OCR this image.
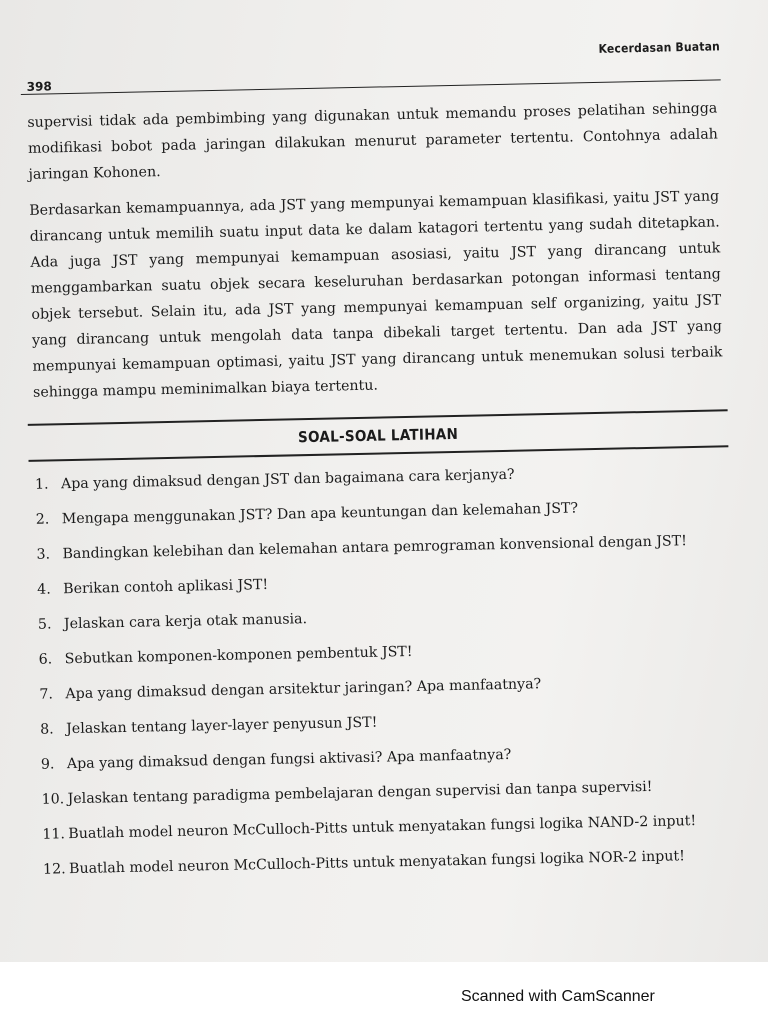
Kecerdasan Buatan
398

supervisi tidak ada pembimbing yang digunakan untuk memandu proses pelatihan sehingga modifikasi bobot pada jaringan dilakukan menurut parameter tertentu. Contohnya adalah jaringan Kohonen.

Berdasarkan kemampuannya, ada JST yang mempunyai kemampuan klasifikasi, yaitu JST yang dirancang untuk memilih suatu input data ke dalam katagori tertentu yang sudah ditetapkan. Ada juga JST yang mempunyai kemampuan asosiasi, yaitu JST yang dirancang untuk menggambarkan suatu objek secara keseluruhan berdasarkan potongan informasi tentang objek tersebut. Selain itu, ada JST yang mempunyai kemampuan self organizing, yaitu JST yang dirancang untuk mengolah data tanpa dibekali target tertentu. Dan ada JST yang mempunyai kemampuan optimasi, yaitu JST yang dirancang untuk menemukan solusi terbaik sehingga mampu meminimalkan biaya tertentu.

SOAL-SOAL LATIHAN
1. Apa yang dimaksud dengan JST dan bagaimana cara kerjanya?
2. Mengapa menggunakan JST? Dan apa keuntungan dan kelemahan JST?
3. Bandingkan kelebihan dan kelemahan antara pemrograman konvensional dengan JST!
4. Berikan contoh aplikasi JST!
5. Jelaskan cara kerja otak manusia.
6. Sebutkan komponen-komponen pembentuk JST!
7. Apa yang dimaksud dengan arsitektur jaringan? Apa manfaatnya?
8. Jelaskan tentang layer-layer penyusun JST!
9. Apa yang dimaksud dengan fungsi aktivasi? Apa manfaatnya?
10. Jelaskan tentang paradigma pembelajaran dengan supervisi dan tanpa supervisi!
11. Buatlah model neuron McCulloch-Pitts untuk menyatakan fungsi logika NAND-2 input!
12. Buatlah model neuron McCulloch-Pitts untuk menyatakan fungsi logika NOR-2 input!
Scanned with CamScanner
